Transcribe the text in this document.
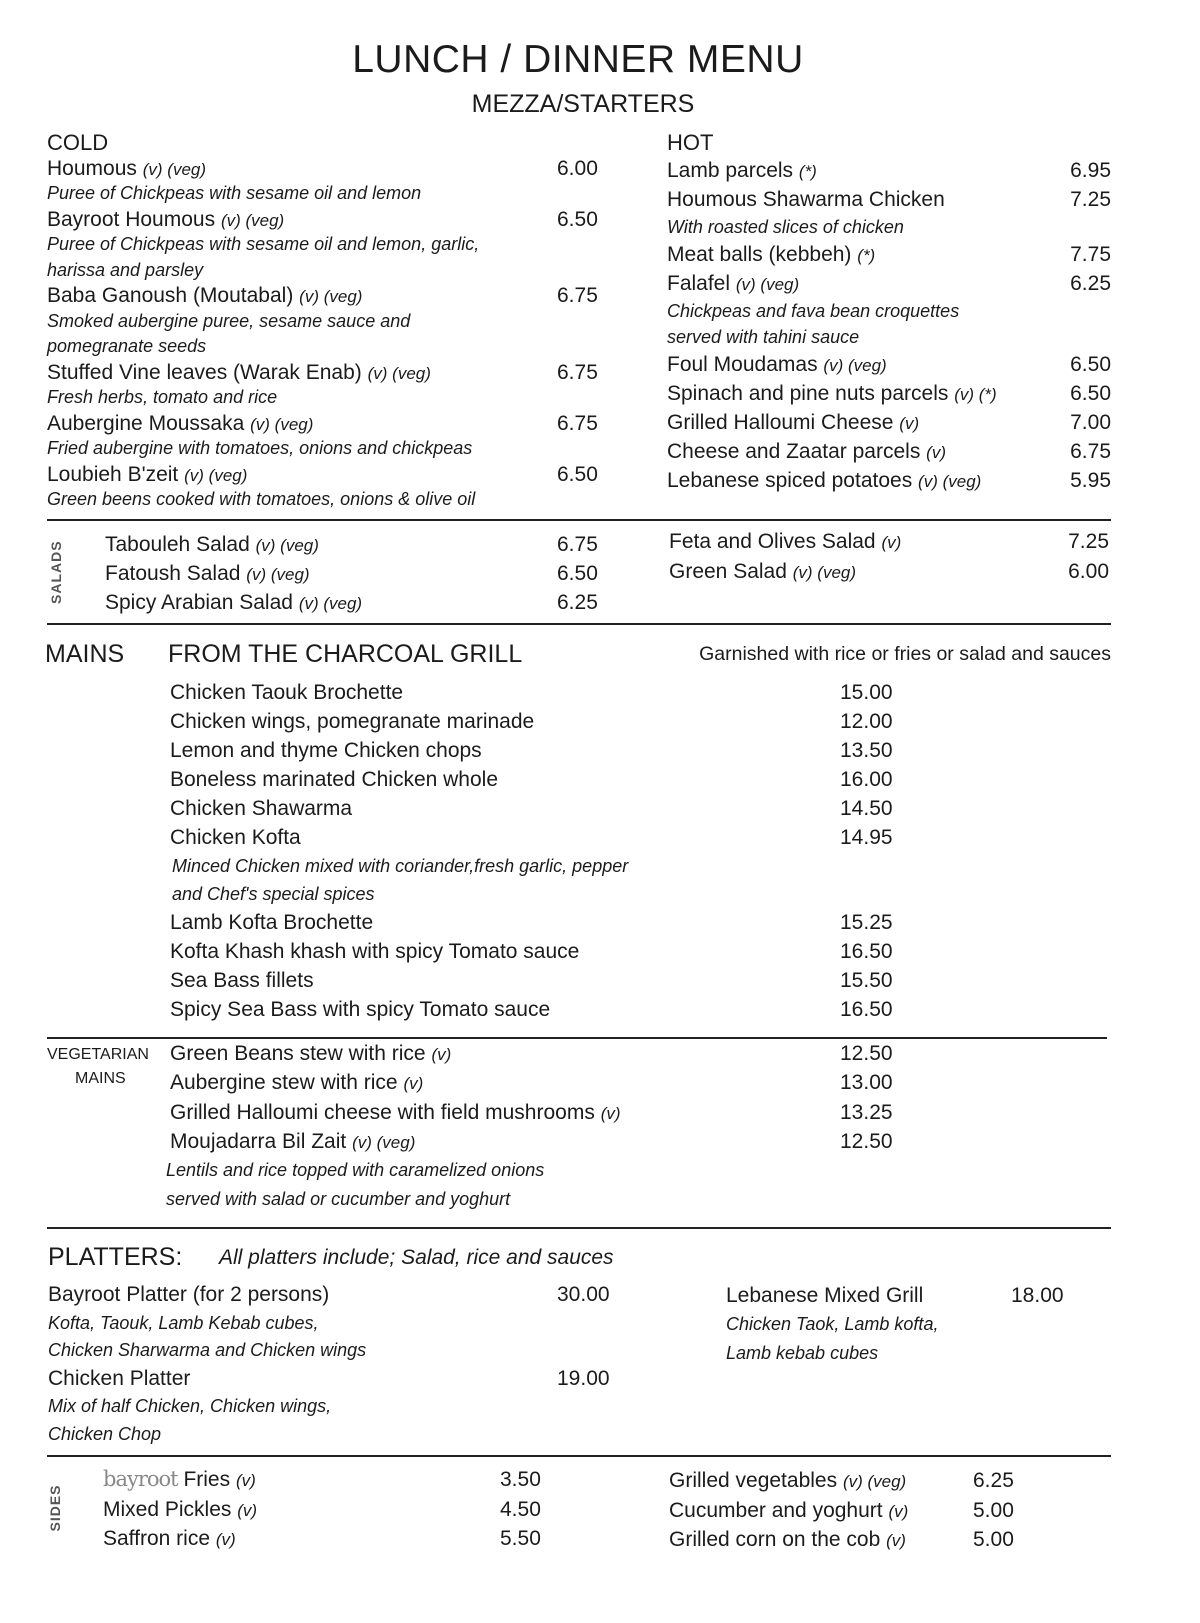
LUNCH / DINNER MENU
MEZZA/STARTERS
COLD
Houmous (v) (veg)	6.00
Puree of Chickpeas with sesame oil and lemon
Bayroot Houmous (v) (veg)	6.50
Puree of Chickpeas with sesame oil and lemon, garlic,
harissa and parsley
Baba Ganoush (Moutabal) (v) (veg)	6.75
Smoked aubergine puree, sesame sauce and
pomegranate seeds
Stuffed Vine leaves (Warak Enab) (v) (veg)	6.75
Fresh herbs, tomato and rice
Aubergine Moussaka (v) (veg)	6.75
Fried aubergine with tomatoes, onions and chickpeas
Loubieh B'zeit (v) (veg)	6.50
Green beens cooked with tomatoes, onions & olive oil
HOT
Lamb parcels (*)	6.95
Houmous Shawarma Chicken	7.25
With roasted slices of chicken
Meat balls (kebbeh) (*)	7.75
Falafel (v) (veg)	6.25
Chickpeas and fava bean croquettes
served with tahini sauce
Foul Moudamas (v) (veg)	6.50
Spinach and pine nuts parcels (v) (*)	6.50
Grilled Halloumi Cheese (v)	7.00
Cheese and Zaatar parcels (v)	6.75
Lebanese spiced potatoes (v) (veg)	5.95
SALADS Tabouleh Salad (v) (veg)	6.75
Fatoush Salad (v) (veg)	6.50
Spicy Arabian Salad (v) (veg)	6.25
Feta and Olives Salad (v)	7.25
Green Salad (v) (veg)	6.00
MAINS FROM THE CHARCOAL GRILL	Garnished with rice or fries or salad and sauces
Chicken Taouk Brochette	15.00
Chicken wings, pomegranate marinade	12.00
Lemon and thyme Chicken chops	13.50
Boneless marinated Chicken whole	16.00
Chicken Shawarma	14.50
Chicken Kofta	14.95
Minced Chicken mixed with coriander,fresh garlic, pepper
and Chef's special spices
Lamb Kofta Brochette	15.25
Kofta Khash khash with spicy Tomato sauce	16.50
Sea Bass fillets	15.50
Spicy Sea Bass with spicy Tomato sauce	16.50
VEGETARIAN
MAINS
Green Beans stew with rice (v)	12.50
Aubergine stew with rice (v)	13.00
Grilled Halloumi cheese with field mushrooms (v)	13.25
Moujadarra Bil Zait (v) (veg)	12.50
Lentils and rice topped with caramelized onions
served with salad or cucumber and yoghurt
PLATTERS: All platters include; Salad, rice and sauces
Bayroot Platter (for 2 persons)	30.00
Kofta, Taouk, Lamb Kebab cubes,
Chicken Sharwarma and Chicken wings
Chicken Platter	19.00
Mix of half Chicken, Chicken wings,
Chicken Chop
Lebanese Mixed Grill	18.00
Chicken Taok, Lamb kofta,
Lamb kebab cubes
SIDES
bayroot Fries (v)	3.50
Mixed Pickles (v)	4.50
Saffron rice (v)	5.50
Grilled vegetables (v) (veg)	6.25
Cucumber and yoghurt (v)	5.00
Grilled corn on the cob (v)	5.00
